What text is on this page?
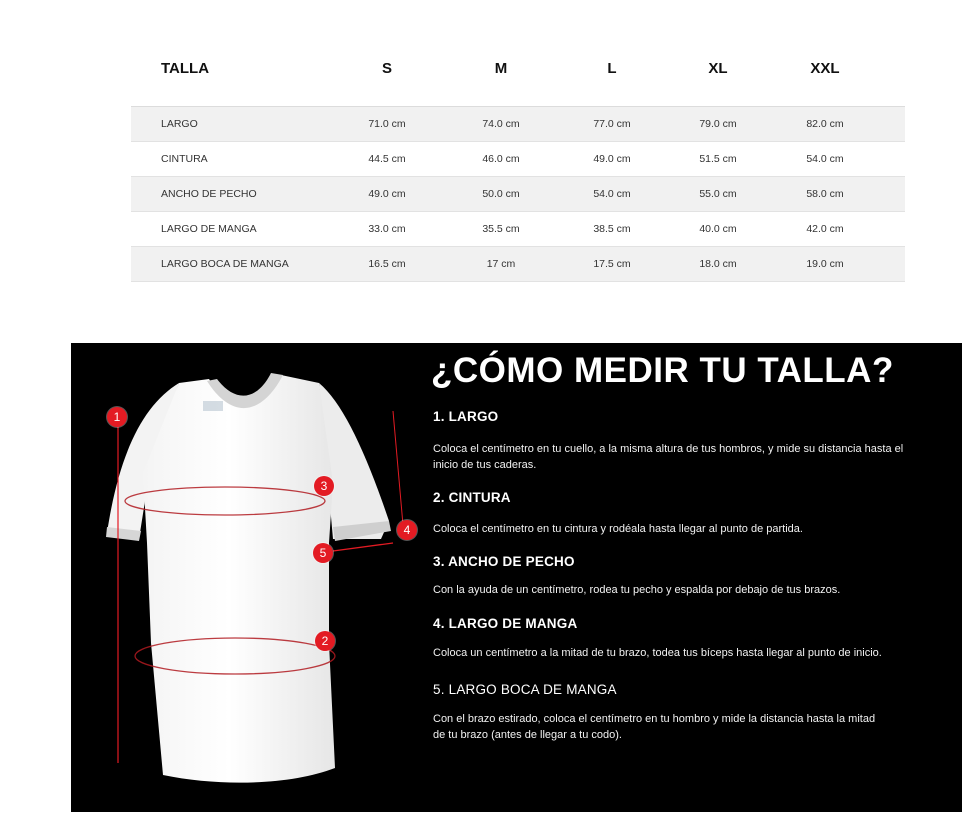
TALLA	S	M	L	XL	XXL
LARGO	71.0 cm	74.0 cm	77.0 cm	79.0 cm	82.0 cm
CINTURA	44.5 cm	46.0 cm	49.0 cm	51.5 cm	54.0 cm
ANCHO DE PECHO	49.0 cm	50.0 cm	54.0 cm	55.0 cm	58.0 cm
LARGO DE MANGA	33.0 cm	35.5 cm	38.5 cm	40.0 cm	42.0 cm
LARGO BOCA DE MANGA	16.5 cm	17 cm	17.5 cm	18.0 cm	19.0 cm
1
3
4
5
2
¿CÓMO MEDIR TU TALLA?
1. LARGO

Coloca el centímetro en tu cuello, a la misma altura de tus hombros, y mide su distancia hasta el inicio de tus caderas.

2. CINTURA

Coloca el centímetro en tu cintura y rodéala hasta llegar al punto de partida.

3. ANCHO DE PECHO

Con la ayuda de un centímetro, rodea tu pecho y espalda por debajo de tus brazos.

4. LARGO DE MANGA

Coloca un centímetro a la mitad de tu brazo, todea tus bíceps hasta llegar al punto de inicio.

5. LARGO BOCA DE MANGA

Con el brazo estirado, coloca el centímetro en tu hombro y mide la distancia hasta la mitad de tu brazo (antes de llegar a tu codo).
